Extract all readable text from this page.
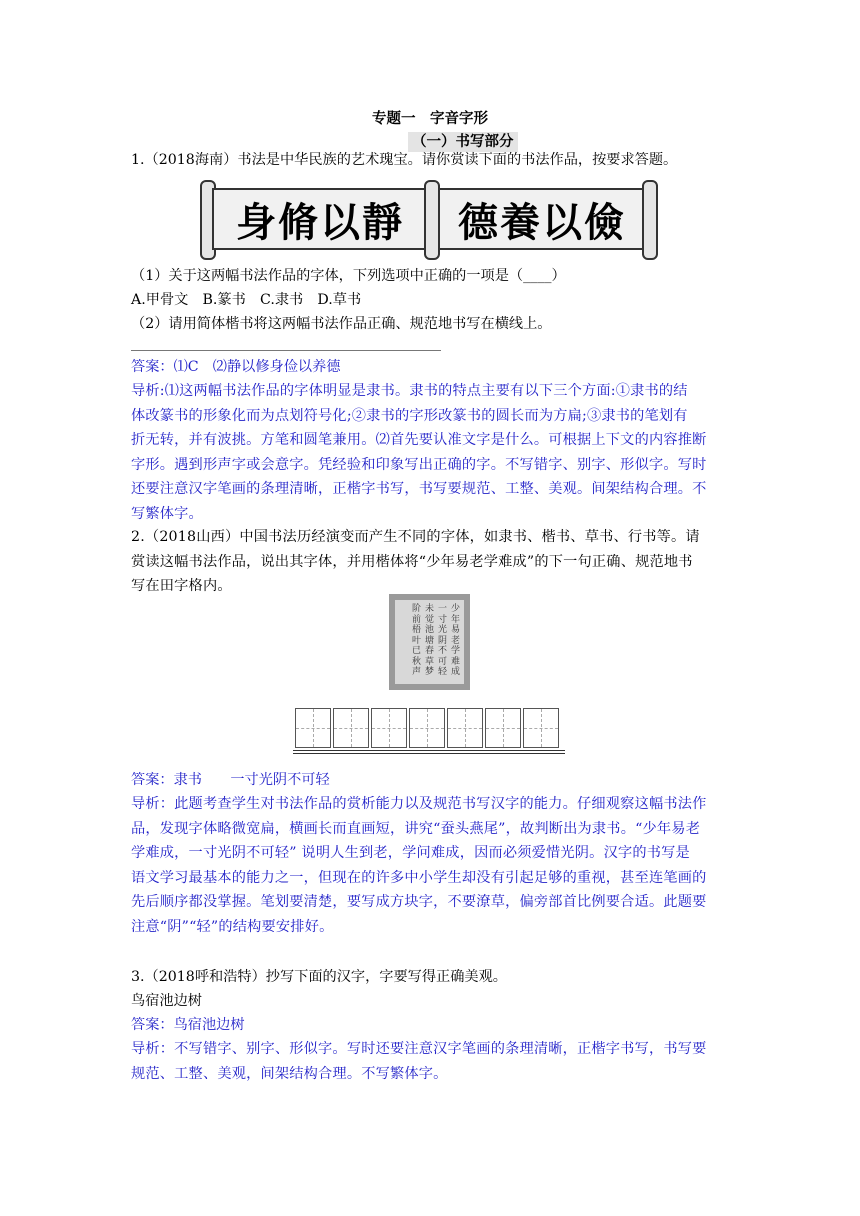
专题一　字音字形
（一）书写部分
1.（2018海南）书法是中华民族的艺术瑰宝。请你赏读下面的书法作品，按要求答题。
身脩以靜	德養以儉
（1）关于这两幅书法作品的字体，下列选项中正确的一项是（____）
A.甲骨文　B.篆书　C.隶书　D.草书
（2）请用简体楷书将这两幅书法作品正确、规范地书写在横线上。
答案：⑴C　⑵静以修身俭以养德
导析:⑴这两幅书法作品的字体明显是隶书。隶书的特点主要有以下三个方面:①隶书的结
体改篆书的形象化而为点划符号化;②隶书的字形改篆书的圆长而为方扁;③隶书的笔划有
折无转，并有波挑。方笔和圆笔兼用。⑵首先要认准文字是什么。可根据上下文的内容推断
字形。遇到形声字或会意字。凭经验和印象写出正确的字。不写错字、别字、形似字。写时
还要注意汉字笔画的条理清晰，正楷字书写，书写要规范、工整、美观。间架结构合理。不
写繁体字。
2.（2018山西）中国书法历经演变而产生不同的字体，如隶书、楷书、草书、行书等。请
赏读这幅书法作品，说出其字体，并用楷体将“少年易老学难成”的下一句正确、规范地书
写在田字格内。
少年易老学难成
一寸光阴不可轻
未觉池塘春草梦
阶前梧叶已秋声
答案：隶书　　一寸光阴不可轻
导析：此题考查学生对书法作品的赏析能力以及规范书写汉字的能力。仔细观察这幅书法作
品，发现字体略微宽扁，横画长而直画短，讲究“蚕头燕尾”，故判断出为隶书。“少年易老
学难成，一寸光阴不可轻” 说明人生到老，学问难成，因而必须爱惜光阴。汉字的书写是
语文学习最基本的能力之一，但现在的许多中小学生却没有引起足够的重视，甚至连笔画的
先后顺序都没掌握。笔划要清楚，要写成方块字，不要潦草，偏旁部首比例要合适。此题要
注意“阴”“轻”的结构要安排好。
3.（2018呼和浩特）抄写下面的汉字，字要写得正确美观。
鸟宿池边树
答案：鸟宿池边树
导析：不写错字、别字、形似字。写时还要注意汉字笔画的条理清晰，正楷字书写，书写要
规范、工整、美观，间架结构合理。不写繁体字。
